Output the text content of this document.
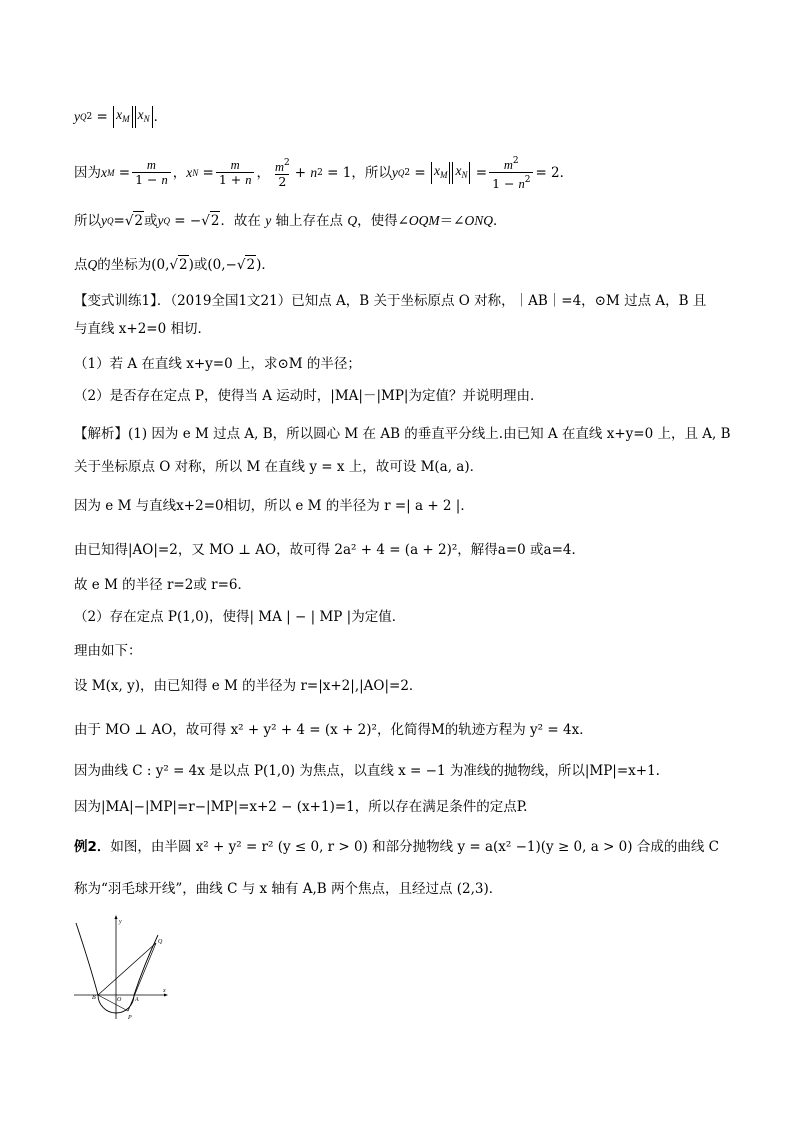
y Q $2 = x_M$ $x_N$ ．
因为 x $M = \frac{m}{1 - n}$ ， x $N = \frac{m}{1 + n}$ ， $\frac{m^2}{2} + n$ 2 = 1 ，所以 y Q $2 = x_M$ $x_N = \frac{m^2}{1 - n^2} = 2$ ．
所以 y Q = √ 2 或 y Q = − √ 2 ．故在
y
轴上存在点
Q ，使得∠ OQM ＝∠ ONQ ．
点 Q 的坐标为 (0, √ 2 ) 或 (0,− √ 2 ) ．
【变式训练1】．（2019全国1文21）已知点 A，B 关于坐标原点 O 对称，｜AB｜=4，⊙M 过点 A，B 且
与直线 x+2=0 相切．
（1）若 A 在直线 x+y=0 上，求⊙M 的半径；
（2）是否存在定点 P，使得当 A 运动时，|MA|－|MP|为定值？并说明理由．
【解析】(1) 因为 e M 过点 A, B，所以圆心 M 在 AB 的垂直平分线上.由已知 A 在直线 x+y=0 上，且 A, B
关于坐标原点 O 对称，所以 M 在直线 y = x 上，故可设 M(a, a)．
因为 e M 与直线x+2=0相切，所以 e M 的半径为 r =| a + 2 |．
由已知得|AO|=2，又 MO ⊥ AO，故可得 2a² + 4 = (a + 2)²，解得a=0 或a=4．
故 e M 的半径 r=2或 r=6．
（2）存在定点 P(1,0)，使得| MA | − | MP |为定值．
理由如下：
设 M(x, y)，由已知得 e M 的半径为 r=|x+2|,|AO|=2．
由于 MO ⊥ AO，故可得 x² + y² + 4 = (x + 2)²，化简得M的轨迹方程为 y² = 4x．
因为曲线 C : y² = 4x 是以点 P(1,0) 为焦点，以直线 x = −1 为准线的抛物线，所以|MP|=x+1.
因为|MA|−|MP|=r−|MP|=x+2 − (x+1)=1，所以存在满足条件的定点P.
例2．如图，由半圆 x² + y² = r² (y ≤ 0, r > 0) 和部分抛物线 y = a(x² −1)(y ≥ 0, a > 0) 合成的曲线 C
称为“羽毛球开线”，曲线 C 与 x 轴有 A,B 两个焦点，且经过点 (2,3)．
y
x
Q
B	O A
P
